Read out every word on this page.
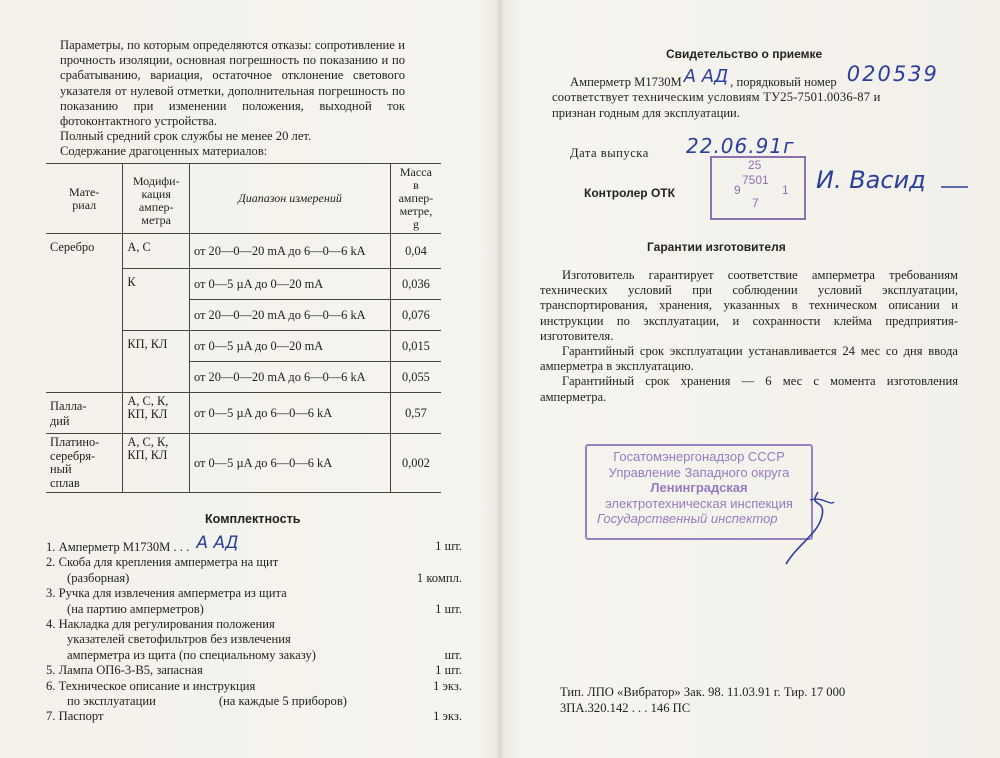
Параметры, по которым определяются отказы: сопротивление и прочность изоляции, основная погрешность по показанию и по срабатыванию, вариация, остаточное отклонение светового указателя от нулевой отметки, дополнительная погрешность по показанию при изменении положения, выходной ток фотоконтактного устройства.

Полный средний срок службы не менее 20 лет.

Содержание драгоценных материалов:

Мате-
риал	Модифи-
кация
ампер-
метра	Диапазон измерений	Масса
в ампер-
метре,
g
Серебро	А, С	от 20—0—20 mA до 6—0—6 kA	0,04
	К	от 0—5 µA до 0—20 mA	0,036
		от 20—0—20 mA до 6—0—6 kA	0,076
	КП, КЛ	от 0—5 µA до 0—20 mA	0,015
		от 20—0—20 mA до 6—0—6 kA	0,055
Палла-
дий	А, С, К,
КП, КЛ	от 0—5 µA до 6—0—6 kA	0,57
Платино-
серебря-
ный
сплав	А, С, К,
КП, КЛ	от 0—5 µA до 6—0—6 kA	0,002
Комплектность
1. Амперметр М1730М . . . А АД	1 шт.
2. Скоба для крепления амперметра на щит
(разборная)	1 компл.
3. Ручка для извлечения амперметра из щита
(на партию амперметров)	1 шт.
4. Накладка для регулирования положения
указателей светофильтров без извлечения
амперметра из щита (по специальному заказу)	шт.
5. Лампа ОП6-3-В5, запасная	1 шт.
6. Техническое описание и инструкция	1 экз.
по эксплуатации                    (на каждые 5 приборов)
7. Паспорт	1 экз.
Свидетельство о приемке
Амперметр М1730М А АД , порядковый номер 020539
соответствует техническим условиям ТУ25-7501.0036-87 и
признан годным для эксплуатации.
Дата выпуска 22.06.91г
Контролер ОТК
25
7501
9
7
1 И. Васид
Гарантии изготовителя

Изготовитель гарантирует соответствие амперметра требованиям технических условий при соблюдении условий эксплуатации, транспортирования, хранения, указанных в техническом описании и инструкции по эксплуатации, и сохранности клейма предприятия-изготовителя.

Гарантийный срок эксплуатации устанавливается 24 мес со дня ввода амперметра в эксплуатацию.

Гарантийный срок хранения — 6 мес с момента изготовления амперметра.

Госатомэнергонадзор СССР
Управление Западного округа
Ленинградская
электротехническая инспекция
Государственный инспектор
Тип. ЛПО «Вибратор» Зак. 98. 11.03.91 г. Тир. 17 000
3ПА.320.142 . . . 146 ПС
